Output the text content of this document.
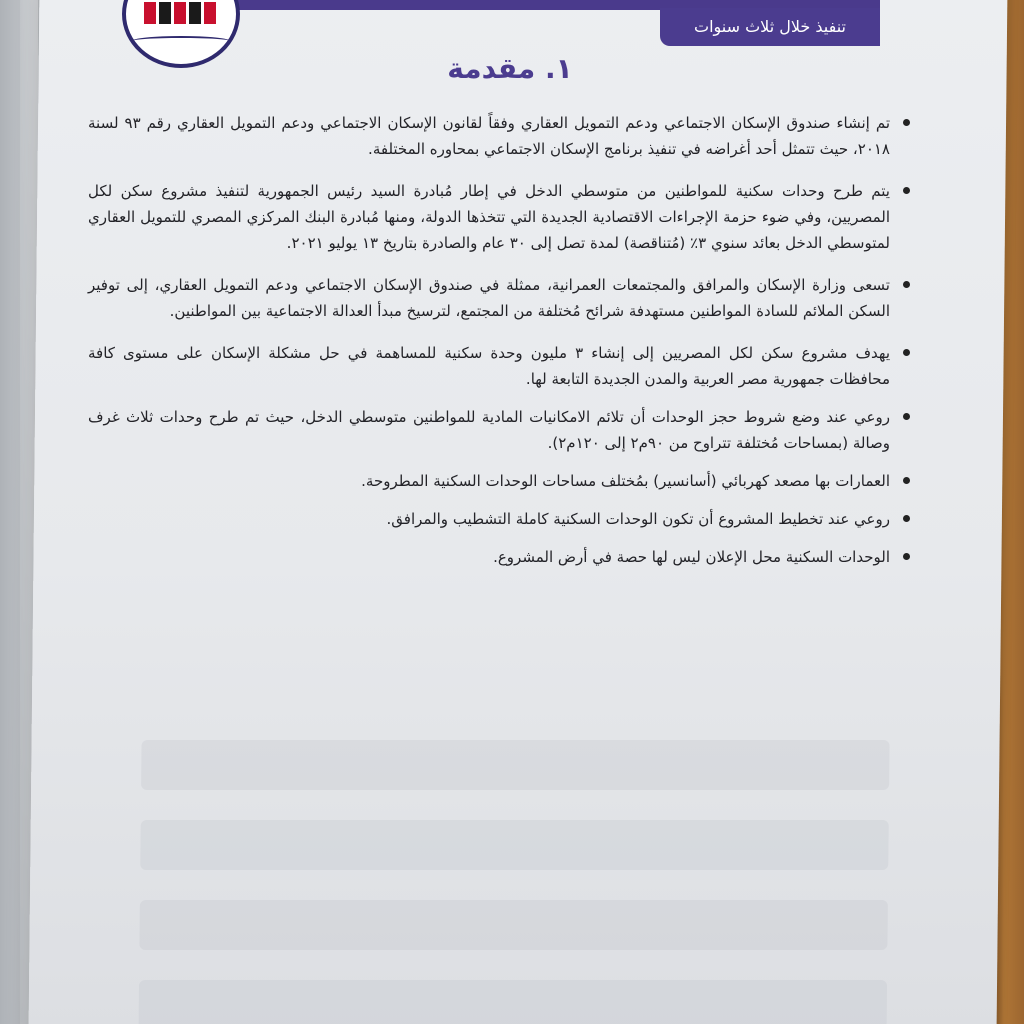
تنفيذ خلال ثلاث سنوات
١. مقدمة
تم إنشاء صندوق الإسكان الاجتماعي ودعم التمويل العقاري وفقاً لقانون الإسكان الاجتماعي ودعم التمويل العقاري رقم ٩٣ لسنة ٢٠١٨، حيث تتمثل أحد أغراضه في تنفيذ برنامج الإسكان الاجتماعي بمحاوره المختلفة.
يتم طرح وحدات سكنية للمواطنين من متوسطي الدخل في إطار مُبادرة السيد رئيس الجمهورية لتنفيذ مشروع سكن لكل المصريين، وفي ضوء حزمة الإجراءات الاقتصادية الجديدة التي تتخذها الدولة، ومنها مُبادرة البنك المركزي المصري للتمويل العقاري لمتوسطي الدخل بعائد سنوي ٣٪ (مُتناقصة) لمدة تصل إلى ٣٠ عام والصادرة بتاريخ ١٣ يوليو ٢٠٢١.
تسعى وزارة الإسكان والمرافق والمجتمعات العمرانية، ممثلة في صندوق الإسكان الاجتماعي ودعم التمويل العقاري، إلى توفير السكن الملائم للسادة المواطنين مستهدفة شرائح مُختلفة من المجتمع، لترسيخ مبدأ العدالة الاجتماعية بين المواطنين.
يهدف مشروع سكن لكل المصريين إلى إنشاء ٣ مليون وحدة سكنية للمساهمة في حل مشكلة الإسكان على مستوى كافة محافظات جمهورية مصر العربية والمدن الجديدة التابعة لها.
روعي عند وضع شروط حجز الوحدات أن تلائم الامكانيات المادية للمواطنين متوسطي الدخل، حيث تم طرح وحدات ثلاث غرف وصالة (بمساحات مُختلفة تتراوح من ٩٠م٢ إلى ١٢٠م٢).
العمارات بها مصعد كهربائي (أسانسير) بمُختلف مساحات الوحدات السكنية المطروحة.
روعي عند تخطيط المشروع أن تكون الوحدات السكنية كاملة التشطيب والمرافق.
الوحدات السكنية محل الإعلان ليس لها حصة في أرض المشروع.
